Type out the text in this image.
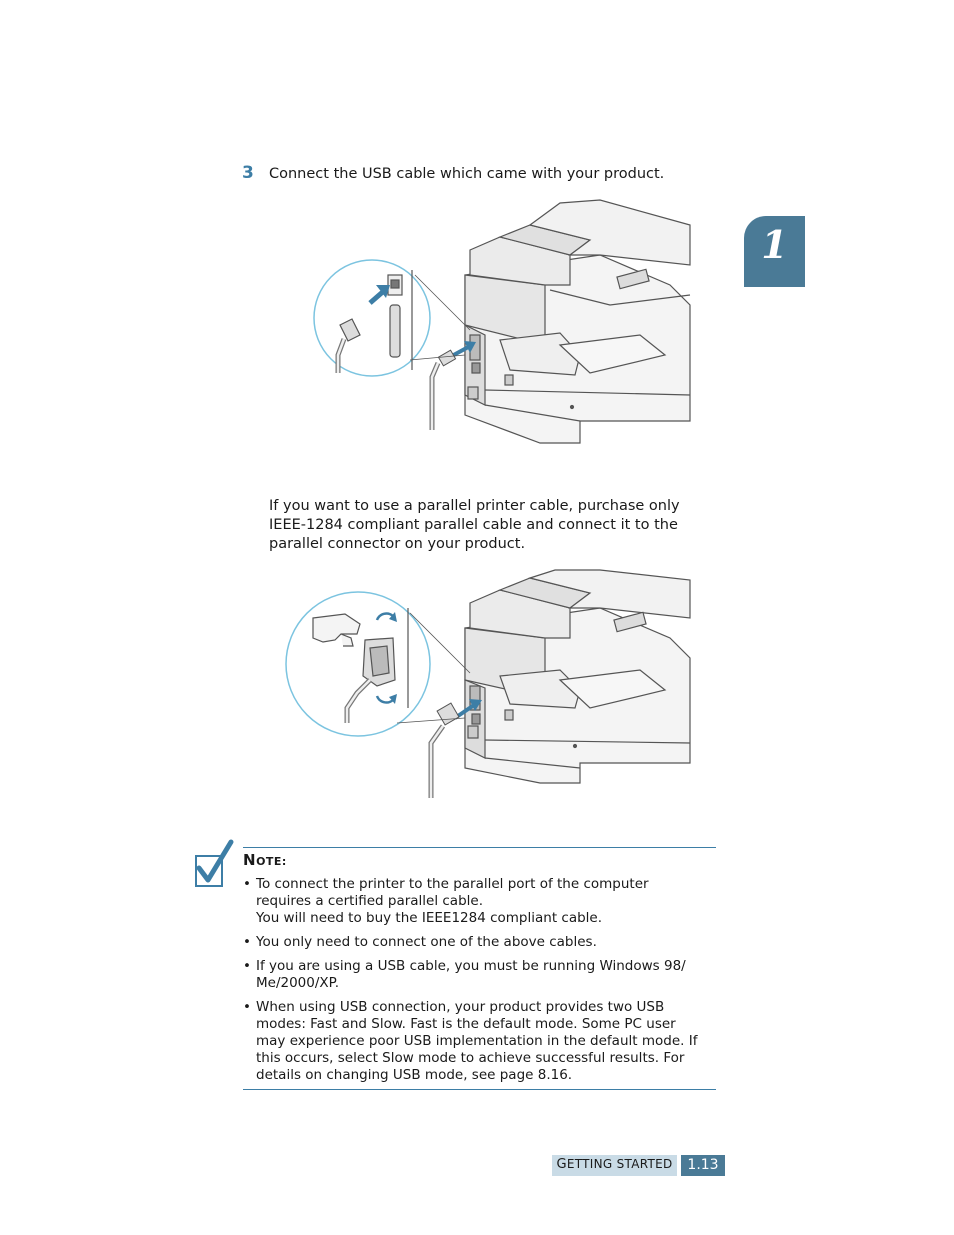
3 Connect the USB cable which came with your product.
1

If you want to use a parallel printer cable, purchase only

IEEE-1284 compliant parallel cable and connect it to the

parallel connector on your product.

NOTE:
• To connect the printer to the parallel port of the computer
requires a certified parallel cable.
You will need to buy the IEEE1284 compliant cable.
• You only need to connect one of the above cables.
• If you are using a USB cable, you must be running Windows 98/
Me/2000/XP.
• When using USB connection, your product provides two USB
modes: Fast and Slow. Fast is the default mode. Some PC user
may experience poor USB implementation in the default mode. If
this occurs, select Slow mode to achieve successful results. For
details on changing USB mode, see page 8.16.
GETTING STARTED	1.13
